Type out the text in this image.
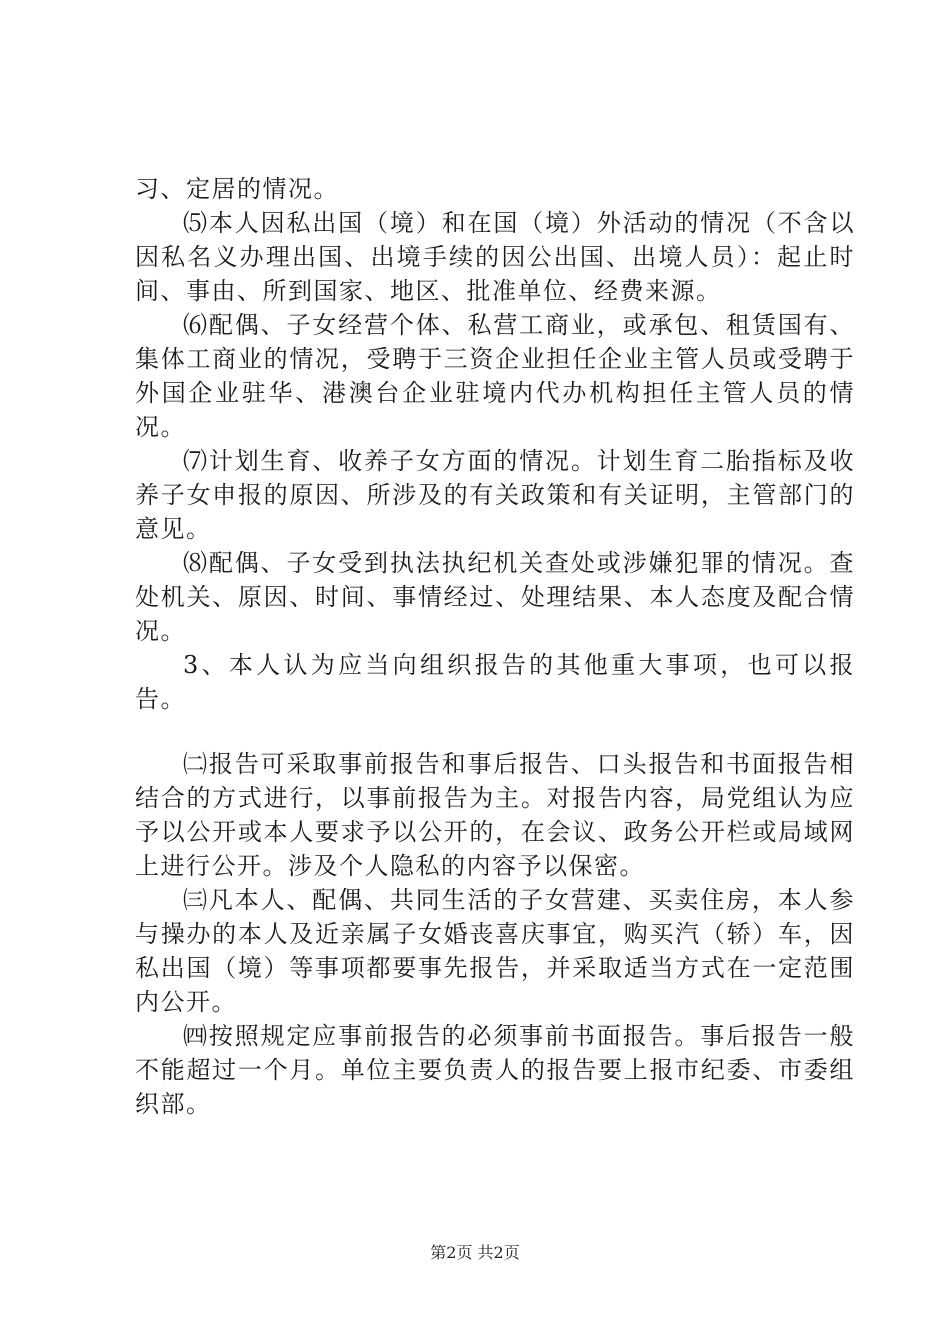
习、定居的情况。

⑸本人因私出国（境）和在国（境）外活动的情况（不含以因私名义办理出国、出境手续的因公出国、出境人员）：起止时间、事由、所到国家、地区、批准单位、经费来源。

⑹配偶、子女经营个体、私营工商业，或承包、租赁国有、集体工商业的情况，受聘于三资企业担任企业主管人员或受聘于外国企业驻华、港澳台企业驻境内代办机构担任主管人员的情况。

⑺计划生育、收养子女方面的情况。计划生育二胎指标及收养子女申报的原因、所涉及的有关政策和有关证明，主管部门的意见。

⑻配偶、子女受到执法执纪机关查处或涉嫌犯罪的情况。查处机关、原因、时间、事情经过、处理结果、本人态度及配合情况。

3、本人认为应当向组织报告的其他重大事项，也可以报告。

㈡报告可采取事前报告和事后报告、口头报告和书面报告相结合的方式进行，以事前报告为主。对报告内容，局党组认为应予以公开或本人要求予以公开的，在会议、政务公开栏或局域网上进行公开。涉及个人隐私的内容予以保密。

㈢凡本人、配偶、共同生活的子女营建、买卖住房，本人参与操办的本人及近亲属子女婚丧喜庆事宜，购买汽（轿）车，因私出国（境）等事项都要事先报告，并采取适当方式在一定范围内公开。

㈣按照规定应事前报告的必须事前书面报告。事后报告一般不能超过一个月。单位主要负责人的报告要上报市纪委、市委组织部。

第2页 共2页
